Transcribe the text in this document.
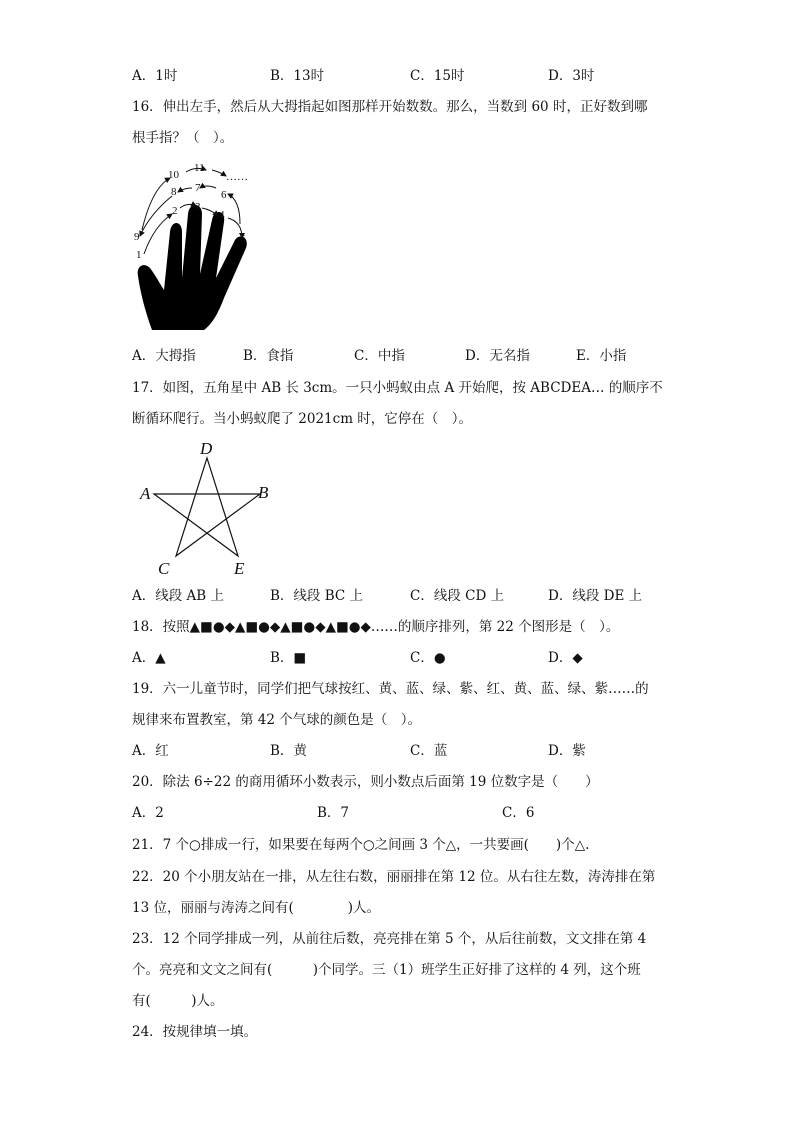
A．1时	B．13时	C．15时	D．3时
16．伸出左手，然后从大拇指起如图那样开始数数。那么，当数到 60 时，正好数到哪
根手指？（　）。
1
2 3
4
5
6
7
8
9
10
11
……
A．大拇指	B．食指	C．中指	D．无名指	E．小指
17．如图，五角星中 AB 长 3cm。一只小蚂蚁由点 A 开始爬，按 ABCDEA… 的顺序不
断循环爬行。当小蚂蚁爬了 2021cm 时，它停在（　）。
D
A	B
C	E
A．线段 AB 上	B．线段 BC 上	C．线段 CD 上	D．线段 DE 上
18．按照▲■●◆▲■●◆▲■●◆▲■●◆……的顺序排列，第 22 个图形是（　）。
A．▲	B．■	C．●	D．◆
19．六一儿童节时，同学们把气球按红、黄、蓝、绿、紫、红、黄、蓝、绿、紫……的
规律来布置教室，第 42 个气球的颜色是（　）。
A．红	B．黄	C．蓝	D．紫
20．除法 6÷22 的商用循环小数表示，则小数点后面第 19 位数字是（　　）
A．2	B．7	C．6
21．7 个○排成一行，如果要在每两个○之间画 3 个△，一共要画(　　)个△.
22．20 个小朋友站在一排，从左往右数，丽丽排在第 12 位。从右往左数，涛涛排在第
13 位，丽丽与涛涛之间有(　　　　)人。
23．12 个同学排成一列，从前往后数，亮亮排在第 5 个，从后往前数，文文排在第 4
个。亮亮和文文之间有(　　　)个同学。三（1）班学生正好排了这样的 4 列，这个班
有(　　　)人。
24．按规律填一填。
